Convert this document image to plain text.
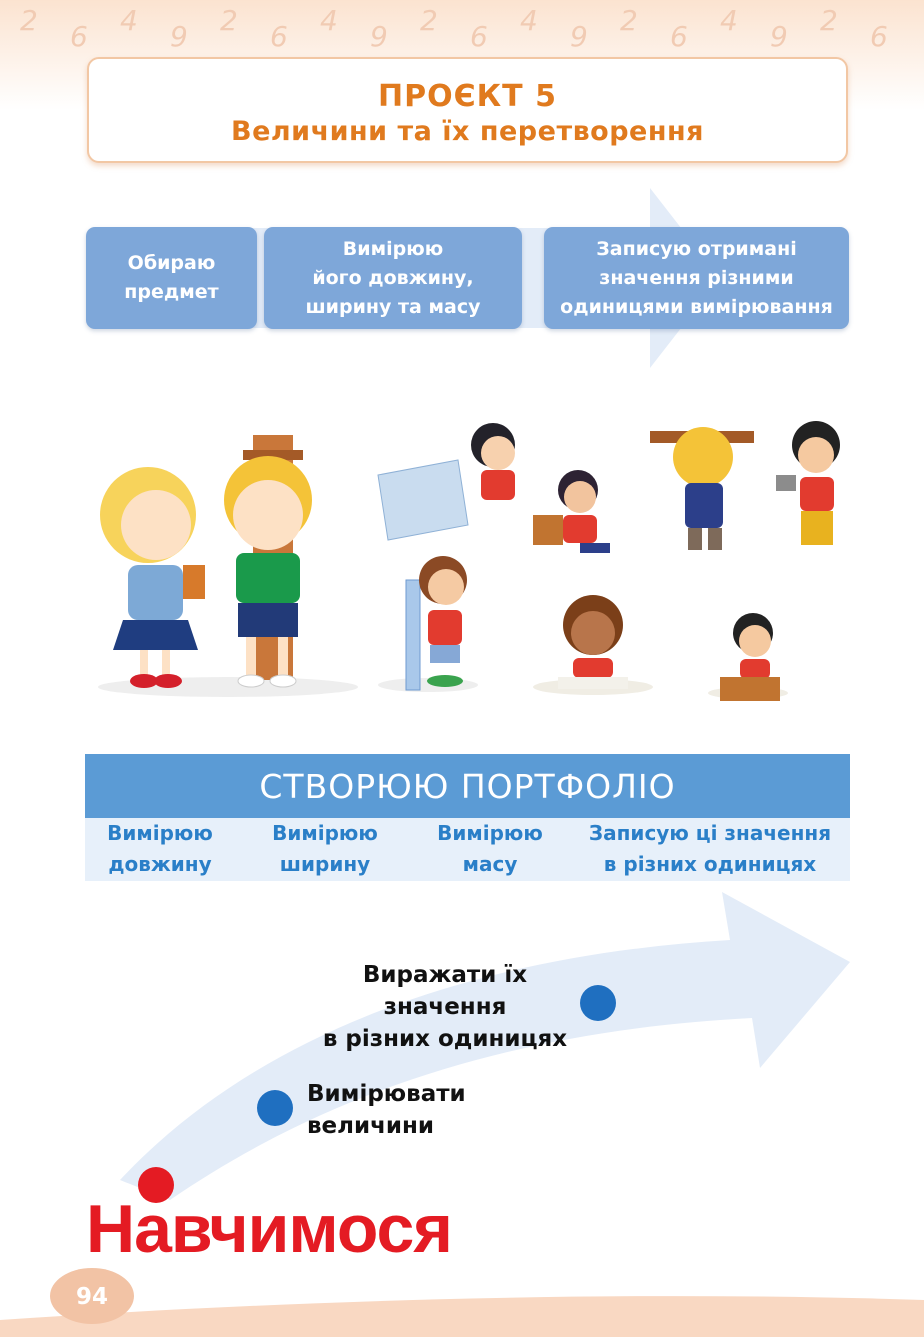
2 6 4 9 2 6 4 9 2 6 4 9 2 6 4 9 2 6
ПРОЄКТ 5
Величини та їх перетворення
Обираю
предмет
Вимірюю
його довжину,
ширину та масу
Записую отримані
значення різними
одиницями вимірювання
СТВОРЮЮ ПОРТФОЛІО
Вимірюю
довжину
Вимірюю
ширину
Вимірюю
масу
Записую ці значення
в різних одиницях
Виражати їх значення
в різних одиницях
Вимірювати
величини
Навчимося
94
